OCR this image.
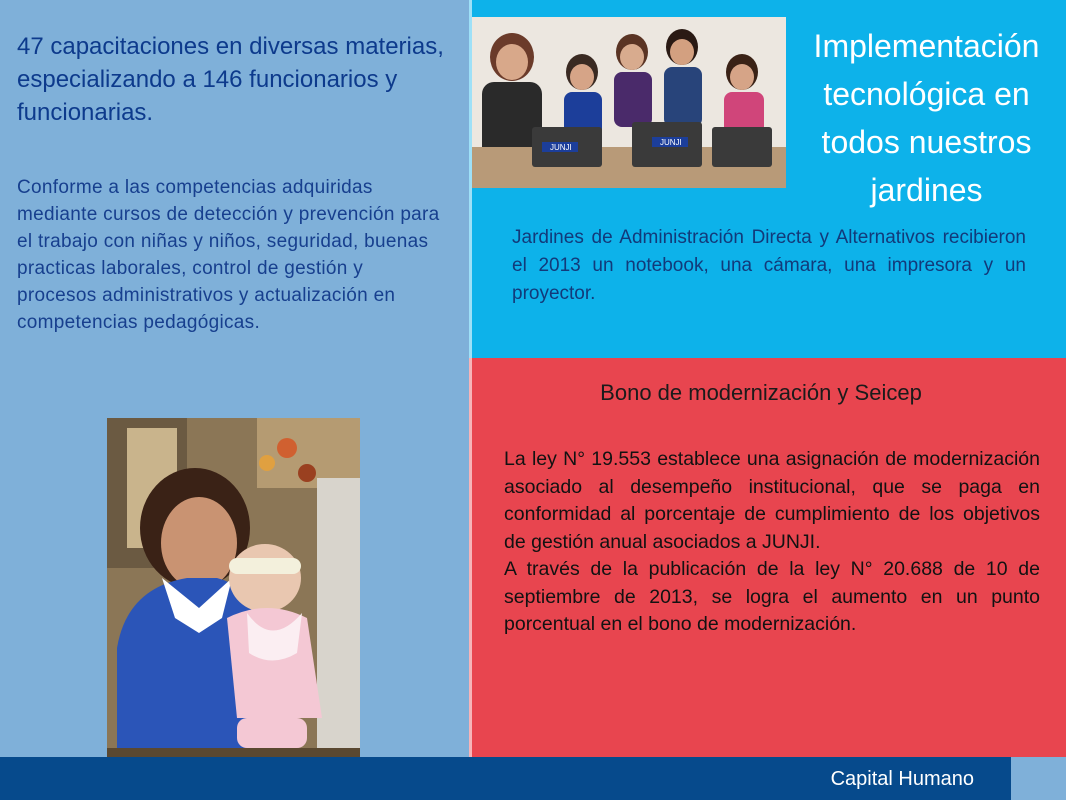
47 capacitaciones en diversas materias, especializando a 146 funcionarios y funcionarias.

Conforme a las competencias adquiridas mediante cursos de detección y prevención para el trabajo con niñas y niños, seguridad, buenas practicas laborales, control de gestión y procesos administrativos y actualización en competencias pedagógicas.

JUNJI
JUNJI
Implementación tecnológica en todos nuestros jardines

Jardines de Administración Directa y Alternativos recibieron el 2013 un notebook, una cámara, una impresora y un proyector.

Bono de modernización y Seicep

La ley N° 19.553 establece una asignación de modernización asociado al desempeño institucional, que se paga en conformidad al porcentaje de cumplimiento de los objetivos de gestión anual asociados a JUNJI.

A través de la publicación de la ley N° 20.688 de 10 de septiembre de 2013, se logra el aumento en un punto porcentual en el bono de modernización.

Capital Humano
